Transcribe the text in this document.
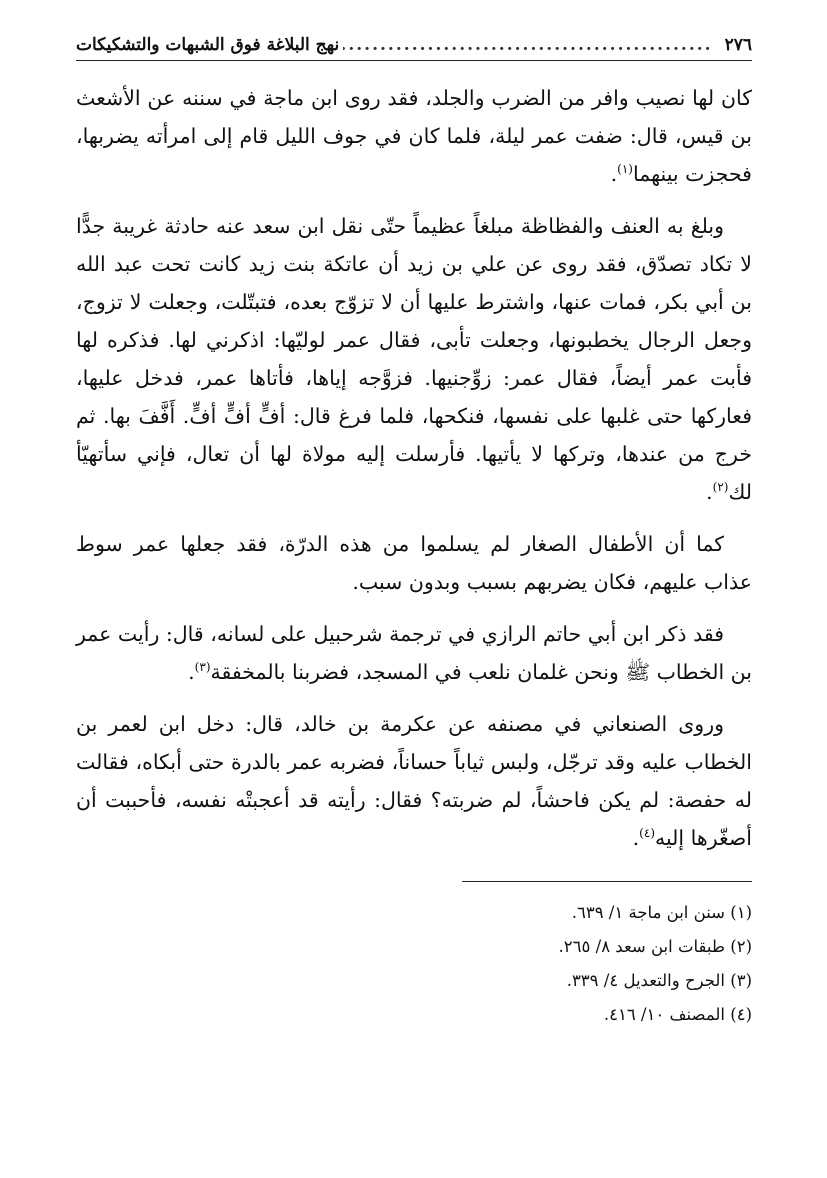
٢٧٦
.....
نهج البلاغة فوق الشبهات والتشكيكات

كان لها نصيب وافر من الضرب والجلد، فقد روى ابن ماجة في سننه عن الأشعث بن قيس، قال: ضفت عمر ليلة، فلما كان في جوف الليل قام إلى امرأته يضربها، فحجزت بينهما$^{(١)}$.

وبلغ به العنف والفظاظة مبلغاً عظيماً حتّى نقل ابن سعد عنه حادثة غريبة جدًّا لا تكاد تصدّق، فقد روى عن علي بن زيد أن عاتكة بنت زيد كانت تحت عبد الله بن أبي بكر، فمات عنها، واشترط عليها أن لا تزوّج بعده، فتبتّلت، وجعلت لا تزوج، وجعل الرجال يخطبونها، وجعلت تأبى، فقال عمر لوليّها: اذكرني لها. فذكره لها فأبت عمر أيضاً، فقال عمر: زوِّجنيها. فزوَّجه إياها، فأتاها عمر، فدخل عليها، فعاركها حتى غلبها على نفسها، فنكحها، فلما فرغ قال: أفٍّ أفٍّ أفٍّ. أَفَّفَ بها. ثم خرج من عندها، وتركها لا يأتيها. فأرسلت إليه مولاة لها أن تعال، فإني سأتهيّأ لك$^{(٢)}$.

كما أن الأطفال الصغار لم يسلموا من هذه الدرّة، فقد جعلها عمر سوط عذاب عليهم، فكان يضربهم بسبب وبدون سبب.

فقد ذكر ابن أبي حاتم الرازي في ترجمة شرحبيل على لسانه، قال: رأيت عمر بن الخطاب ﷺ ونحن غلمان نلعب في المسجد، فضربنا بالمخفقة$^{(٣)}$.

وروى الصنعاني في مصنفه عن عكرمة بن خالد، قال: دخل ابن لعمر بن الخطاب عليه وقد ترجّل، ولبس ثياباً حساناً، فضربه عمر بالدرة حتى أبكاه، فقالت له حفصة: لم يكن فاحشاً، لم ضربته؟ فقال: رأيته قد أعجبتْه نفسه، فأحببت أن أصغّرها إليه$^{(٤)}$.

(١) سنن ابن ماجة ١/ ٦٣٩.
(٢) طبقات ابن سعد ٨/ ٢٦٥.
(٣) الجرح والتعديل ٤/ ٣٣٩.
(٤) المصنف ١٠/ ٤١٦.
